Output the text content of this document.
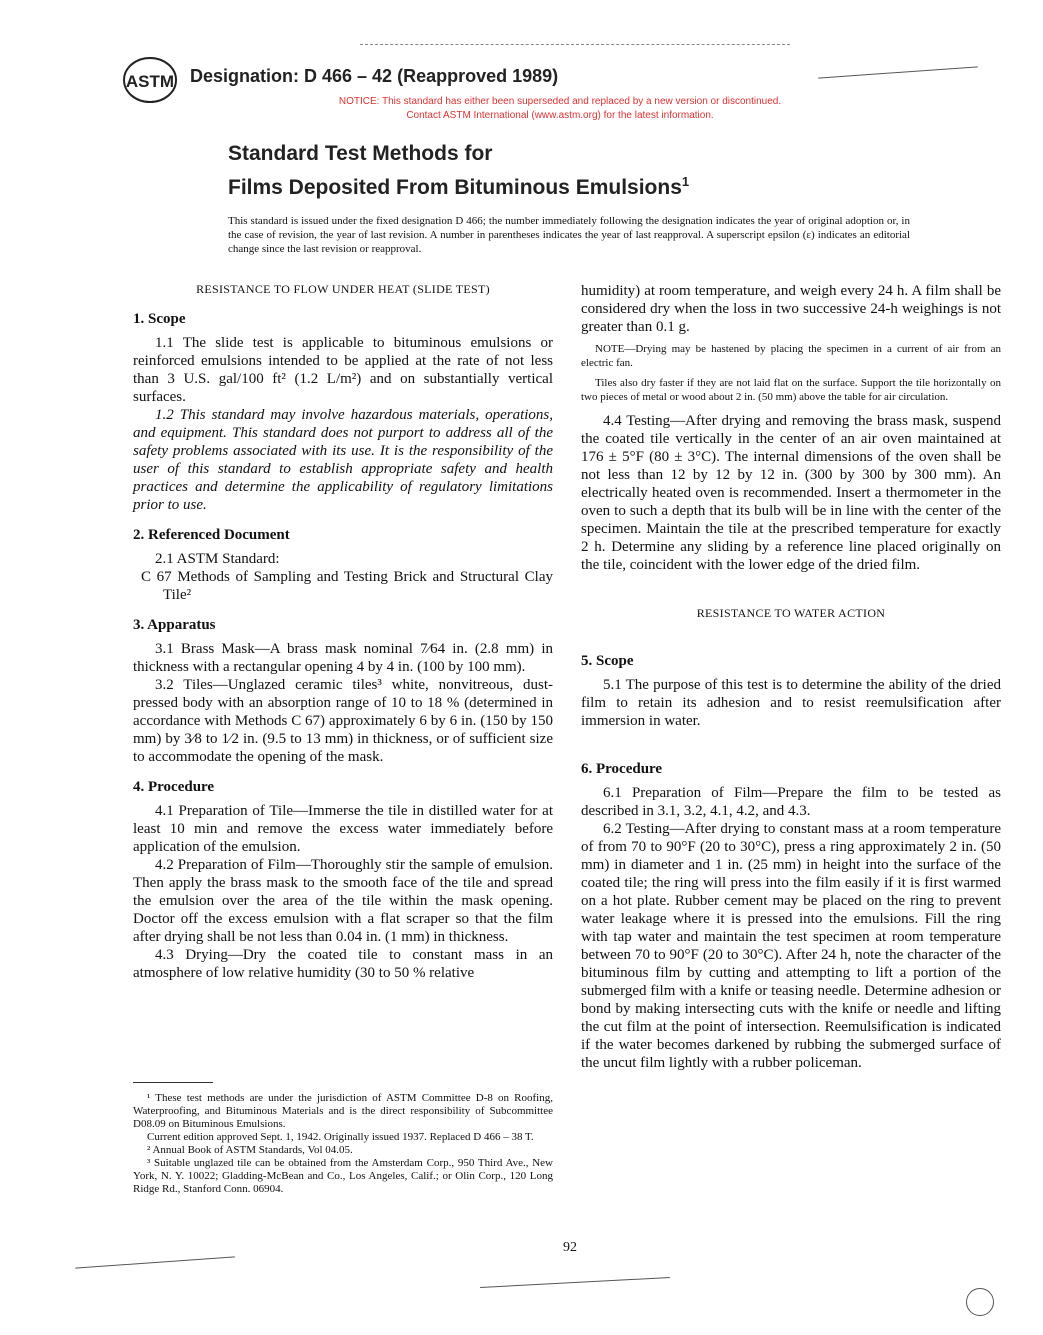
ASTM Designation: D 466 – 42 (Reapproved 1989)
NOTICE: This standard has either been superseded and replaced by a new version or discontinued.
Contact ASTM International (www.astm.org) for the latest information.
Standard Test Methods for
Films Deposited From Bituminous Emulsions$^1$
This standard is issued under the fixed designation D 466; the number immediately following the designation indicates the year of original adoption or, in the case of revision, the year of last revision. A number in parentheses indicates the year of last reapproval. A superscript epsilon (ε) indicates an editorial change since the last revision or reapproval.
RESISTANCE TO FLOW UNDER HEAT (SLIDE TEST)
1. Scope

1.1 The slide test is applicable to bituminous emulsions or reinforced emulsions intended to be applied at the rate of not less than 3 U.S. gal/100 ft² (1.2 L/m²) and on substantially vertical surfaces.

1.2 This standard may involve hazardous materials, operations, and equipment. This standard does not purport to address all of the safety problems associated with its use. It is the responsibility of the user of this standard to establish appropriate safety and health practices and determine the applicability of regulatory limitations prior to use.

2. Referenced Document

2.1 ASTM Standard:

C 67 Methods of Sampling and Testing Brick and Structural Clay Tile²

3. Apparatus

3.1 Brass Mask—A brass mask nominal 7⁄64 in. (2.8 mm) in thickness with a rectangular opening 4 by 4 in. (100 by 100 mm).

3.2 Tiles—Unglazed ceramic tiles³ white, nonvitreous, dust-pressed body with an absorption range of 10 to 18 % (determined in accordance with Methods C 67) approximately 6 by 6 in. (150 by 150 mm) by 3⁄8 to 1⁄2 in. (9.5 to 13 mm) in thickness, or of sufficient size to accommodate the opening of the mask.

4. Procedure

4.1 Preparation of Tile—Immerse the tile in distilled water for at least 10 min and remove the excess water immediately before application of the emulsion.

4.2 Preparation of Film—Thoroughly stir the sample of emulsion. Then apply the brass mask to the smooth face of the tile and spread the emulsion over the area of the tile within the mask opening. Doctor off the excess emulsion with a flat scraper so that the film after drying shall be not less than 0.04 in. (1 mm) in thickness.

4.3 Drying—Dry the coated tile to constant mass in an atmosphere of low relative humidity (30 to 50 % relative

¹ These test methods are under the jurisdiction of ASTM Committee D-8 on Roofing, Waterproofing, and Bituminous Materials and is the direct responsibility of Subcommittee D08.09 on Bituminous Emulsions.

Current edition approved Sept. 1, 1942. Originally issued 1937. Replaced D 466 – 38 T.

² Annual Book of ASTM Standards, Vol 04.05.

³ Suitable unglazed tile can be obtained from the Amsterdam Corp., 950 Third Ave., New York, N. Y. 10022; Gladding-McBean and Co., Los Angeles, Calif.; or Olin Corp., 120 Long Ridge Rd., Stanford Conn. 06904.

humidity) at room temperature, and weigh every 24 h. A film shall be considered dry when the loss in two successive 24-h weighings is not greater than 0.1 g.

NOTE—Drying may be hastened by placing the specimen in a current of air from an electric fan.
Tiles also dry faster if they are not laid flat on the surface. Support the tile horizontally on two pieces of metal or wood about 2 in. (50 mm) above the table for air circulation.

4.4 Testing—After drying and removing the brass mask, suspend the coated tile vertically in the center of an air oven maintained at 176 ± 5°F (80 ± 3°C). The internal dimensions of the oven shall be not less than 12 by 12 by 12 in. (300 by 300 by 300 mm). An electrically heated oven is recommended. Insert a thermometer in the oven to such a depth that its bulb will be in line with the center of the specimen. Maintain the tile at the prescribed temperature for exactly 2 h. Determine any sliding by a reference line placed originally on the tile, coincident with the lower edge of the dried film.

RESISTANCE TO WATER ACTION
5. Scope

5.1 The purpose of this test is to determine the ability of the dried film to retain its adhesion and to resist reemulsification after immersion in water.

6. Procedure

6.1 Preparation of Film—Prepare the film to be tested as described in 3.1, 3.2, 4.1, 4.2, and 4.3.

6.2 Testing—After drying to constant mass at a room temperature of from 70 to 90°F (20 to 30°C), press a ring approximately 2 in. (50 mm) in diameter and 1 in. (25 mm) in height into the surface of the coated tile; the ring will press into the film easily if it is first warmed on a hot plate. Rubber cement may be placed on the ring to prevent water leakage where it is pressed into the emulsions. Fill the ring with tap water and maintain the test specimen at room temperature between 70 to 90°F (20 to 30°C). After 24 h, note the character of the bituminous film by cutting and attempting to lift a portion of the submerged film with a knife or teasing needle. Determine adhesion or bond by making intersecting cuts with the knife or needle and lifting the cut film at the point of intersection. Reemulsification is indicated if the water becomes darkened by rubbing the submerged surface of the uncut film lightly with a rubber policeman.

92
